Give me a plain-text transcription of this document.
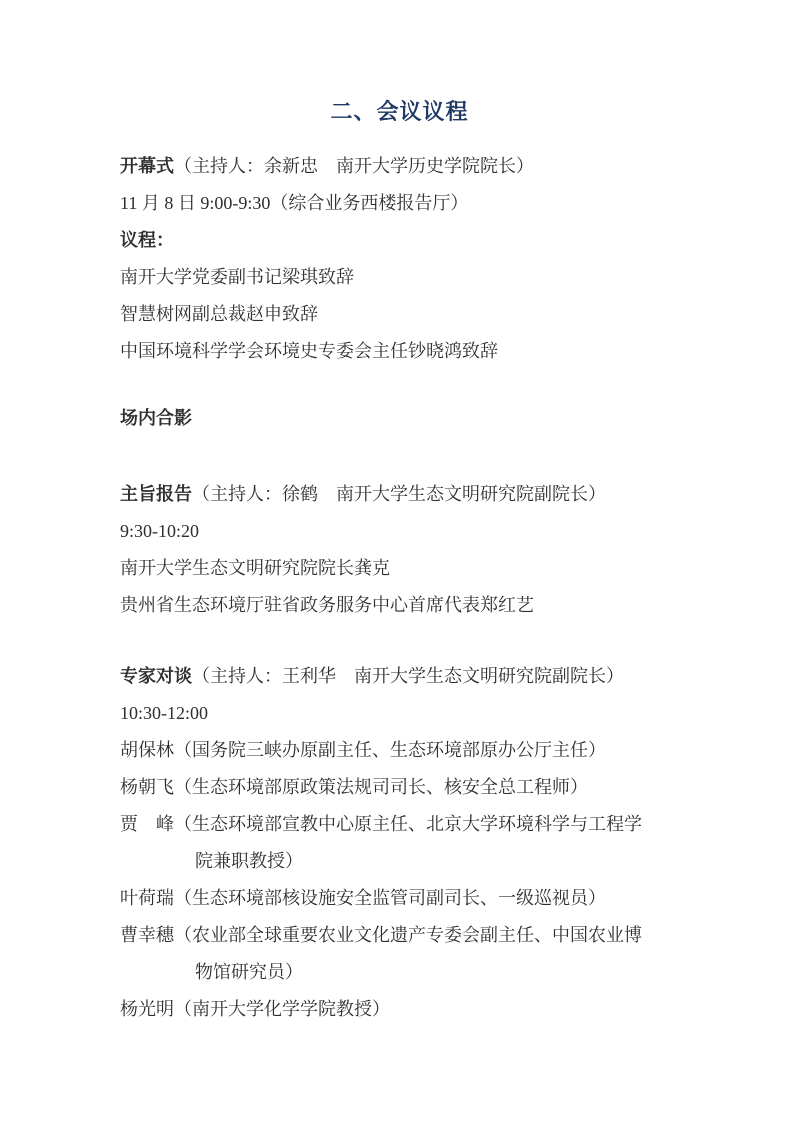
二、会议议程
开幕式（主持人：余新忠　南开大学历史学院院长）
11 月 8 日 9:00-9:30（综合业务西楼报告厅）
议程：
南开大学党委副书记梁琪致辞
智慧树网副总裁赵申致辞
中国环境科学学会环境史专委会主任钞晓鸿致辞
场内合影
主旨报告（主持人：徐鹤　南开大学生态文明研究院副院长）
9:30-10:20
南开大学生态文明研究院院长龚克
贵州省生态环境厅驻省政务服务中心首席代表郑红艺
专家对谈（主持人：王利华　南开大学生态文明研究院副院长）
10:30-12:00
胡保林（国务院三峡办原副主任、生态环境部原办公厅主任）
杨朝飞（生态环境部原政策法规司司长、核安全总工程师）
贾　峰（生态环境部宣教中心原主任、北京大学环境科学与工程学
院兼职教授）
叶荷瑞（生态环境部核设施安全监管司副司长、一级巡视员）
曹幸穗（农业部全球重要农业文化遗产专委会副主任、中国农业博
物馆研究员）
杨光明（南开大学化学学院教授）
